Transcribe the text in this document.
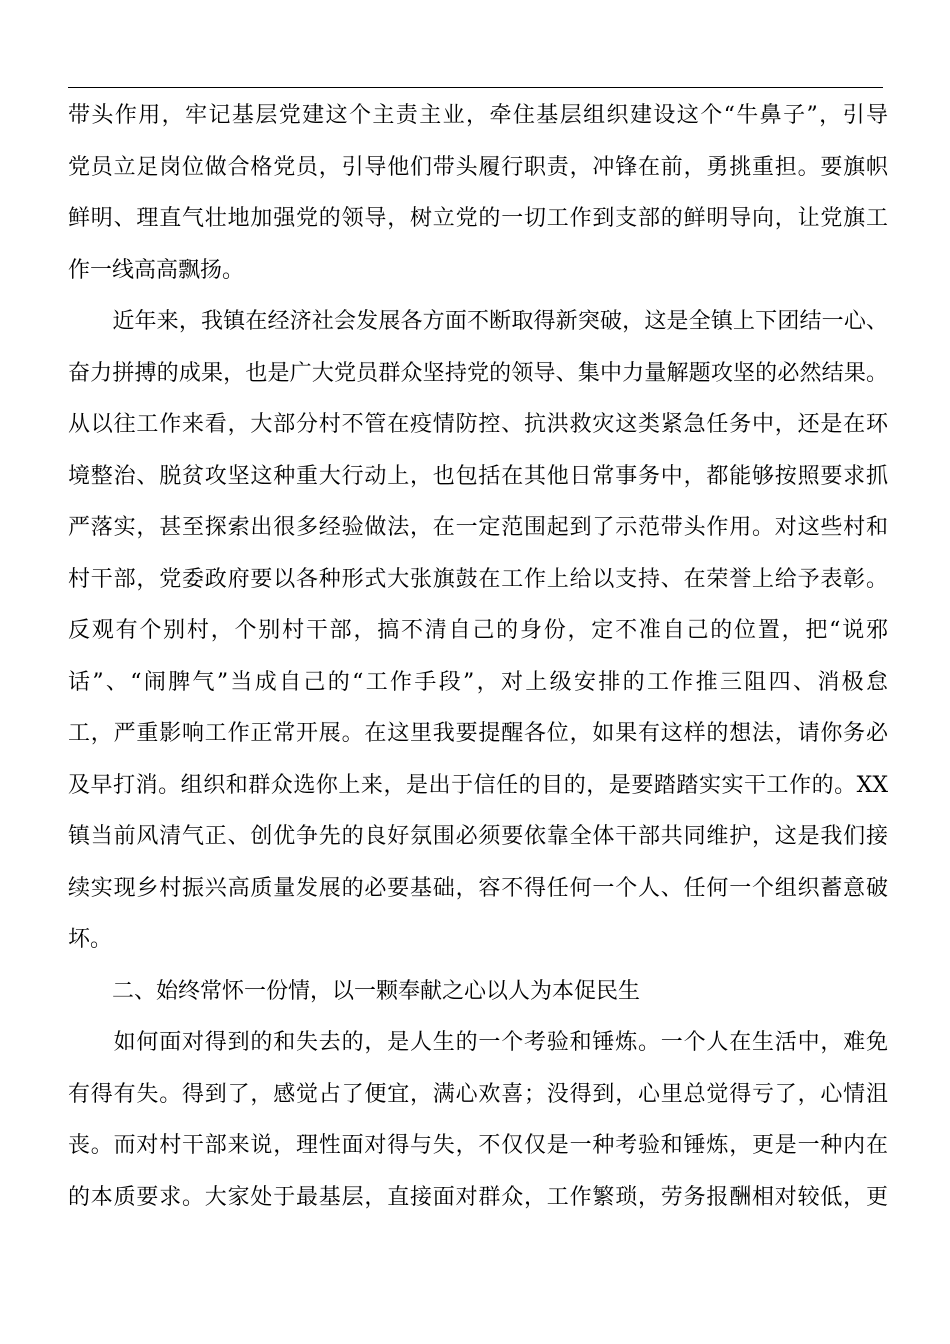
带头作用，牢记基层党建这个主责主业，牵住基层组织建设这个“牛鼻子”，引导
党员立足岗位做合格党员，引导他们带头履行职责，冲锋在前，勇挑重担。要旗帜
鲜明、理直气壮地加强党的领导，树立党的一切工作到支部的鲜明导向，让党旗工
作一线高高飘扬。
　　近年来，我镇在经济社会发展各方面不断取得新突破，这是全镇上下团结一心、
奋力拼搏的成果，也是广大党员群众坚持党的领导、集中力量解题攻坚的必然结果。
从以往工作来看，大部分村不管在疫情防控、抗洪救灾这类紧急任务中，还是在环
境整治、脱贫攻坚这种重大行动上，也包括在其他日常事务中，都能够按照要求抓
严落实，甚至探索出很多经验做法，在一定范围起到了示范带头作用。对这些村和
村干部，党委政府要以各种形式大张旗鼓在工作上给以支持、在荣誉上给予表彰。
反观有个别村，个别村干部，搞不清自己的身份，定不准自己的位置，把“说邪
话”、“闹脾气”当成自己的“工作手段”，对上级安排的工作推三阻四、消极怠
工，严重影响工作正常开展。在这里我要提醒各位，如果有这样的想法，请你务必
及早打消。组织和群众选你上来，是出于信任的目的，是要踏踏实实干工作的。XX
镇当前风清气正、创优争先的良好氛围必须要依靠全体干部共同维护，这是我们接
续实现乡村振兴高质量发展的必要基础，容不得任何一个人、任何一个组织蓄意破
坏。
　　二、始终常怀一份情，以一颗奉献之心以人为本促民生
　　如何面对得到的和失去的，是人生的一个考验和锤炼。一个人在生活中，难免
有得有失。得到了，感觉占了便宜，满心欢喜；没得到，心里总觉得亏了，心情沮
丧。而对村干部来说，理性面对得与失，不仅仅是一种考验和锤炼，更是一种内在
的本质要求。大家处于最基层，直接面对群众，工作繁琐，劳务报酬相对较低，更
